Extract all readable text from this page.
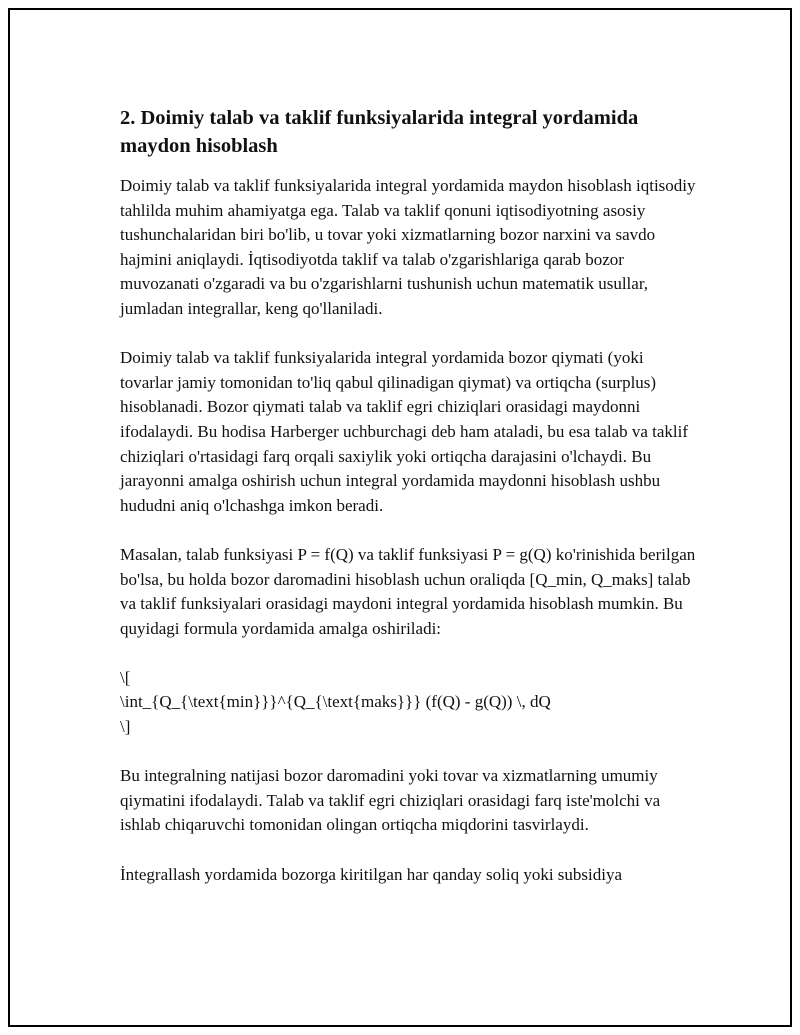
2. Doimiy talab va taklif funksiyalarida integral yordamida maydon hisoblash

Doimiy talab va taklif funksiyalarida integral yordamida maydon hisoblash iqtisodiy tahlilda muhim ahamiyatga ega. Talab va taklif qonuni iqtisodiyotning asosiy tushunchalaridan biri bo'lib, u tovar yoki xizmatlarning bozor narxini va savdo hajmini aniqlaydi. İqtisodiyotda taklif va talab o'zgarishlariga qarab bozor muvozanati o'zgaradi va bu o'zgarishlarni tushunish uchun matematik usullar, jumladan integrallar, keng qo'llaniladi.

Doimiy talab va taklif funksiyalarida integral yordamida bozor qiymati (yoki tovarlar jamiy tomonidan to'liq qabul qilinadigan qiymat) va ortiqcha (surplus) hisoblanadi. Bozor qiymati talab va taklif egri chiziqlari orasidagi maydonni ifodalaydi. Bu hodisa Harberger uchburchagi deb ham ataladi, bu esa talab va taklif chiziqlari o'rtasidagi farq orqali saxiylik yoki ortiqcha darajasini o'lchaydi. Bu jarayonni amalga oshirish uchun integral yordamida maydonni hisoblash ushbu hududni aniq o'lchashga imkon beradi.

Masalan, talab funksiyasi P = f(Q) va taklif funksiyasi P = g(Q) ko'rinishida berilgan bo'lsa, bu holda bozor daromadini hisoblash uchun oraliqda [Q_min, Q_maks] talab va taklif funksiyalari orasidagi maydoni integral yordamida hisoblash mumkin. Bu quyidagi formula yordamida amalga oshiriladi:

\[
\int_{Q_{\text{min}}}^{Q_{\text{maks}}} (f(Q) - g(Q)) \, dQ
\]

Bu integralning natijasi bozor daromadini yoki tovar va xizmatlarning umumiy qiymatini ifodalaydi. Talab va taklif egri chiziqlari orasidagi farq iste'molchi va ishlab chiqaruvchi tomonidan olingan ortiqcha miqdorini tasvirlaydi.

İntegrallash yordamida bozorga kiritilgan har qanday soliq yoki subsidiya
